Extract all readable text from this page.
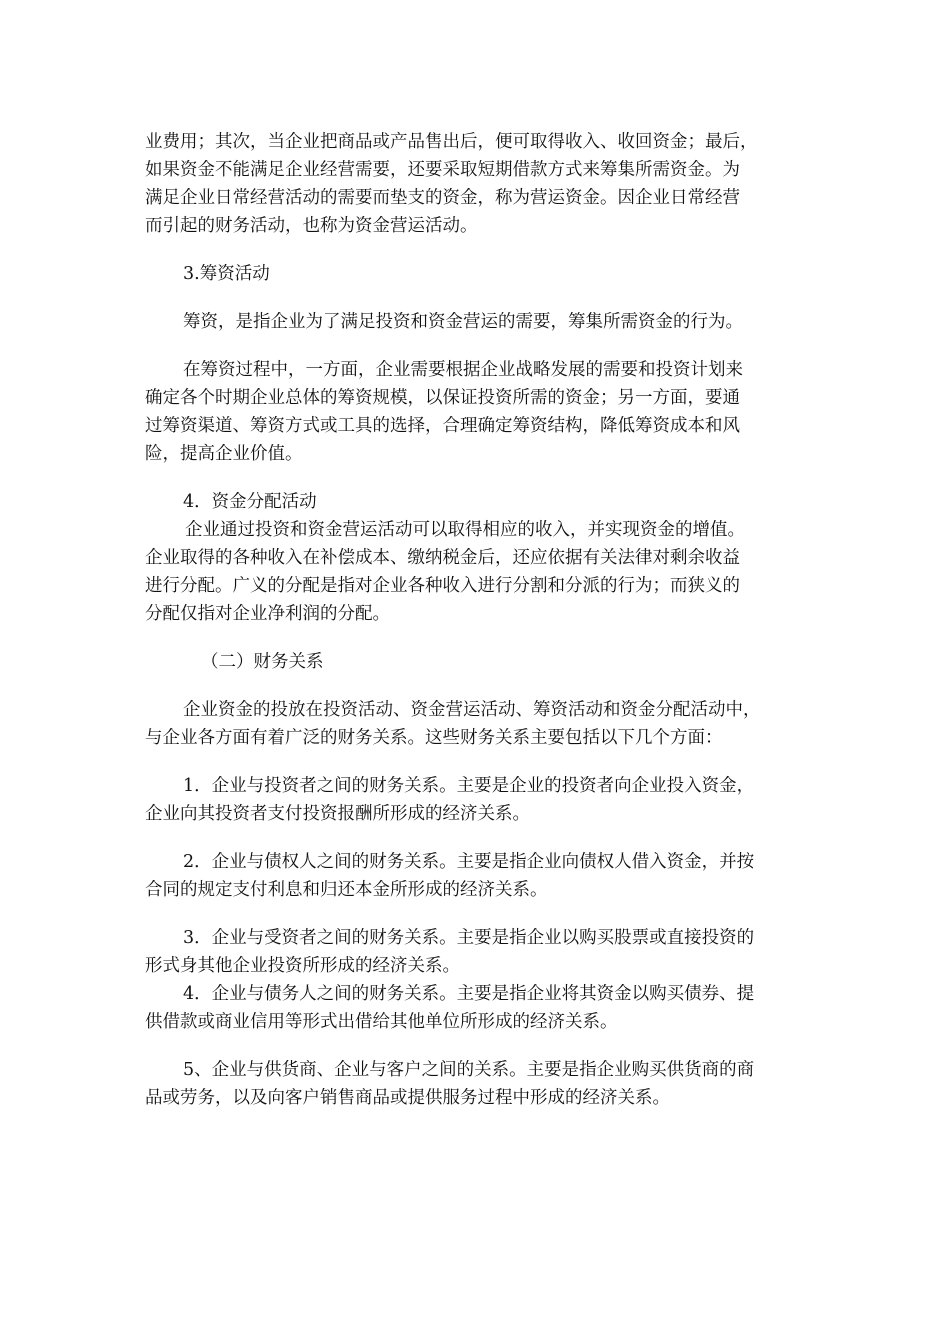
业费用；其次，当企业把商品或产品售出后，便可取得收入、收回资金；最后，
如果资金不能满足企业经营需要，还要采取短期借款方式来筹集所需资金。为
满足企业日常经营活动的需要而垫支的资金，称为营运资金。因企业日常经营
而引起的财务活动，也称为资金营运活动。
3.筹资活动
筹资，是指企业为了满足投资和资金营运的需要，筹集所需资金的行为。
在筹资过程中，一方面，企业需要根据企业战略发展的需要和投资计划来
确定各个时期企业总体的筹资规模，以保证投资所需的资金；另一方面，要通
过筹资渠道、筹资方式或工具的选择，合理确定筹资结构，降低筹资成本和风
险，提高企业价值。
4．资金分配活动
企业通过投资和资金营运活动可以取得相应的收入，并实现资金的增值。
企业取得的各种收入在补偿成本、缴纳税金后，还应依据有关法律对剩余收益
进行分配。广义的分配是指对企业各种收入进行分割和分派的行为；而狭义的
分配仅指对企业净利润的分配。
（二）财务关系
企业资金的投放在投资活动、资金营运活动、筹资活动和资金分配活动中，
与企业各方面有着广泛的财务关系。这些财务关系主要包括以下几个方面：
1．企业与投资者之间的财务关系。主要是企业的投资者向企业投入资金，
企业向其投资者支付投资报酬所形成的经济关系。
2．企业与债权人之间的财务关系。主要是指企业向债权人借入资金，并按
合同的规定支付利息和归还本金所形成的经济关系。
3．企业与受资者之间的财务关系。主要是指企业以购买股票或直接投资的
形式身其他企业投资所形成的经济关系。
4．企业与债务人之间的财务关系。主要是指企业将其资金以购买债券、提
供借款或商业信用等形式出借给其他单位所形成的经济关系。
5、企业与供货商、企业与客户之间的关系。主要是指企业购买供货商的商
品或劳务，以及向客户销售商品或提供服务过程中形成的经济关系。
